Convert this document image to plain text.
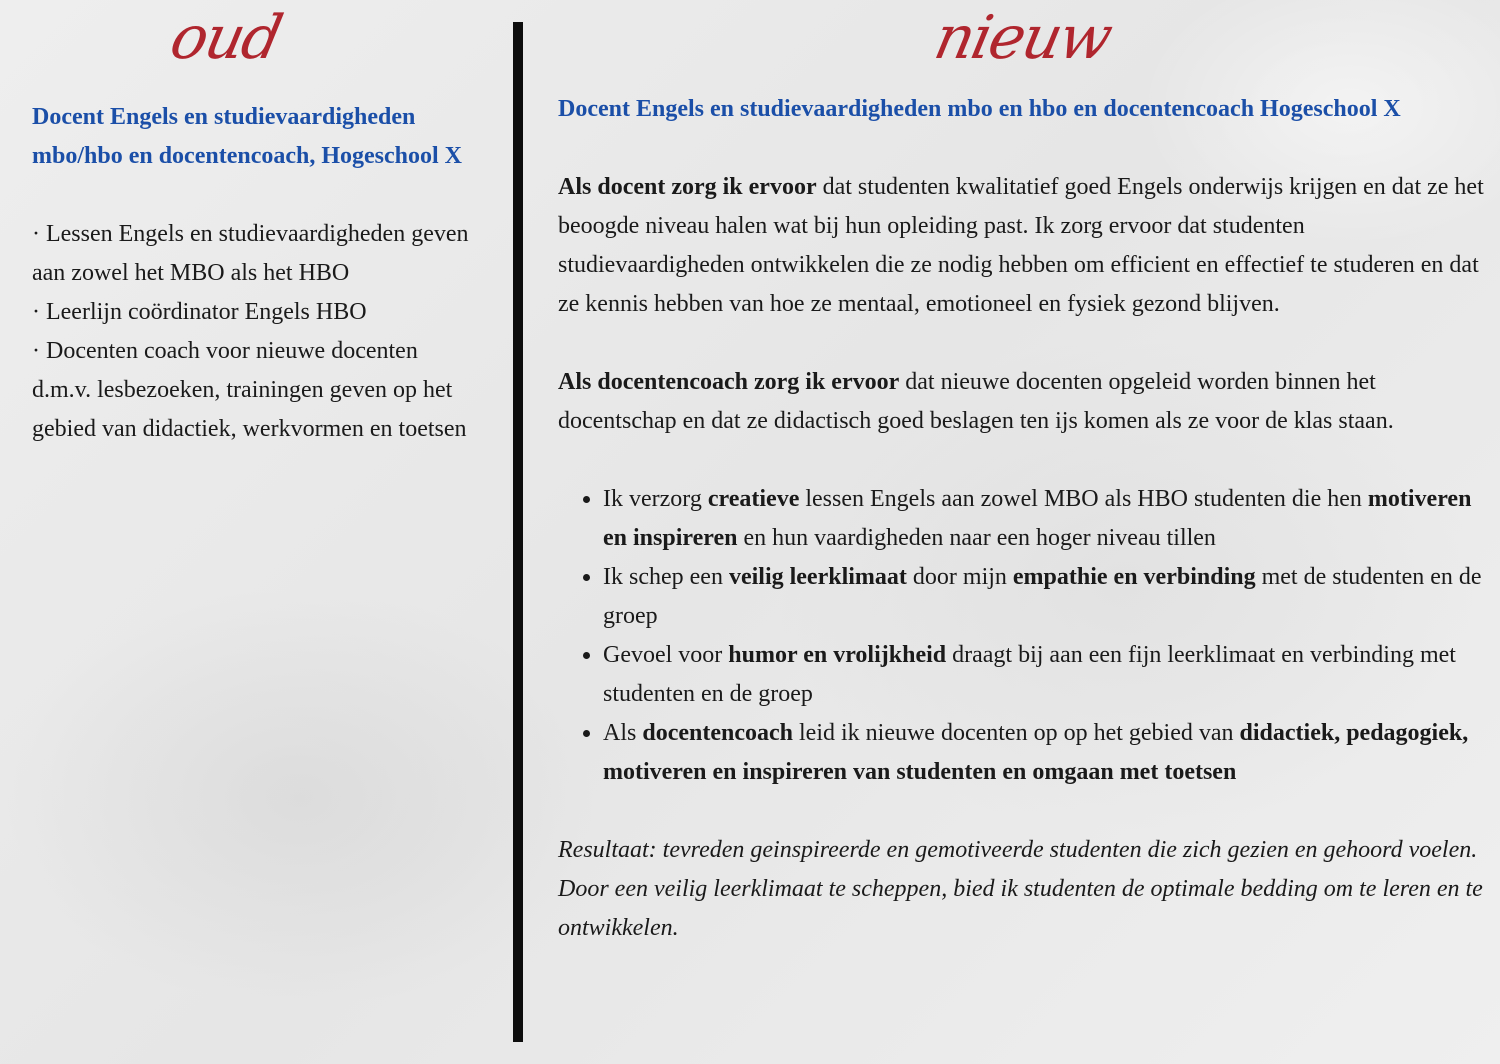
oud	nieuw

Docent Engels en studievaardigheden mbo/hbo en docentencoach, Hogeschool X

· Lessen Engels en studievaardigheden geven aan zowel het MBO als het HBO
· Leerlijn coördinator Engels HBO
· Docenten coach voor nieuwe docenten d.m.v. lesbezoeken, trainingen geven op het gebied van didactiek, werkvormen en toetsen

Docent Engels en studievaardigheden mbo en hbo en docentencoach Hogeschool X

Als docent zorg ik ervoor dat studenten kwalitatief goed Engels onderwijs krijgen en dat ze het beoogde niveau halen wat bij hun opleiding past. Ik zorg ervoor dat studenten studievaardigheden ontwikkelen die ze nodig hebben om efficient en effectief te studeren en dat ze kennis hebben van hoe ze mentaal, emotioneel en fysiek gezond blijven.

Als docentencoach zorg ik ervoor dat nieuwe docenten opgeleid worden binnen het docentschap en dat ze didactisch goed beslagen ten ijs komen als ze voor de klas staan.

• Ik verzorg creatieve lessen Engels aan zowel MBO als HBO studenten die hen motiveren en inspireren en hun vaardigheden naar een hoger niveau tillen
• Ik schep een veilig leerklimaat door mijn empathie en verbinding met de studenten en de groep
• Gevoel voor humor en vrolijkheid draagt bij aan een fijn leerklimaat en verbinding met studenten en de groep
• Als docentencoach leid ik nieuwe docenten op op het gebied van didactiek, pedagogiek, motiveren en inspireren van studenten en omgaan met toetsen

Resultaat: tevreden geinspireerde en gemotiveerde studenten die zich gezien en gehoord voelen. Door een veilig leerklimaat te scheppen, bied ik studenten de optimale bedding om te leren en te ontwikkelen.
